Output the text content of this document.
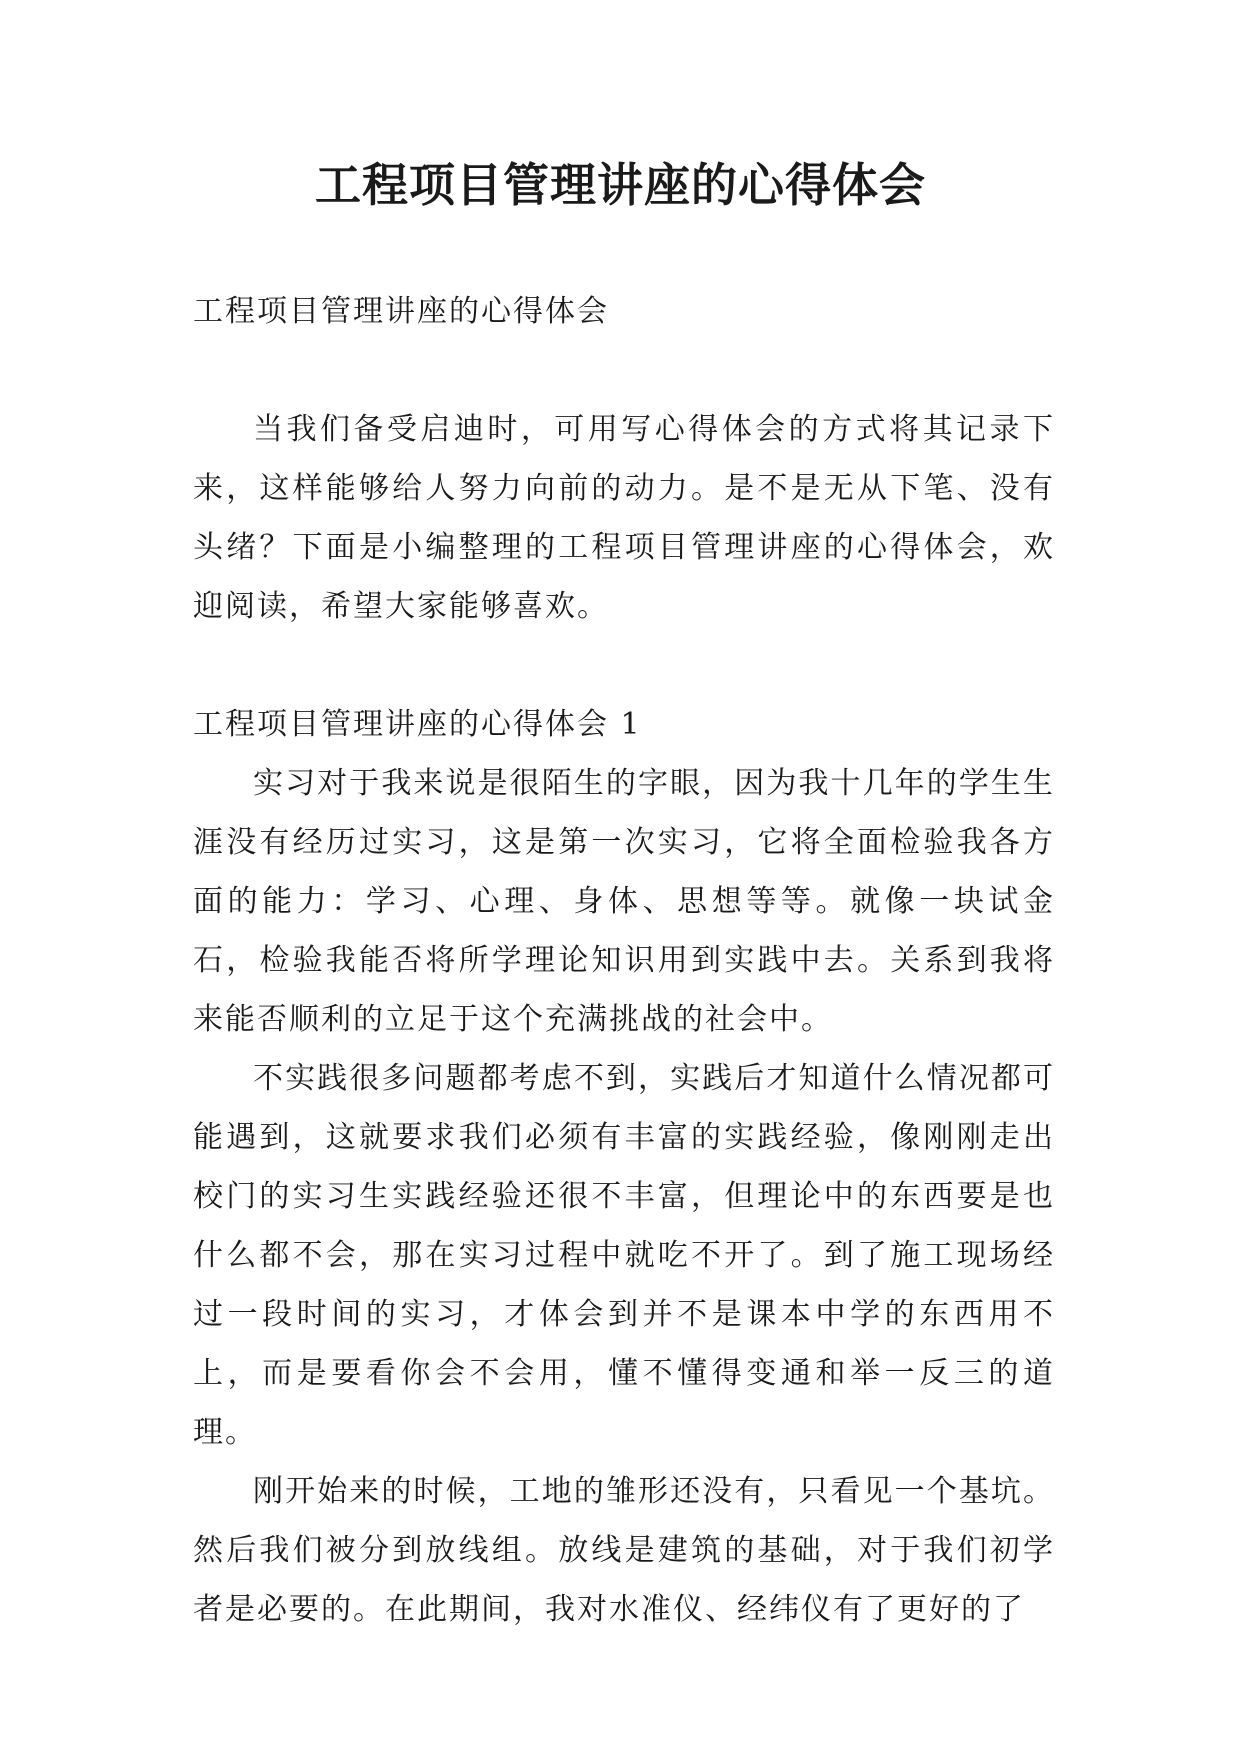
工程项目管理讲座的心得体会

工程项目管理讲座的心得体会

当我们备受启迪时，可用写心得体会的方式将其记录下来，这样能够给人努力向前的动力。是不是无从下笔、没有头绪？下面是小编整理的工程项目管理讲座的心得体会，欢迎阅读，希望大家能够喜欢。

工程项目管理讲座的心得体会 1

实习对于我来说是很陌生的字眼，因为我十几年的学生生涯没有经历过实习，这是第一次实习，它将全面检验我各方面的能力：学习、心理、身体、思想等等。就像一块试金石，检验我能否将所学理论知识用到实践中去。关系到我将来能否顺利的立足于这个充满挑战的社会中。

不实践很多问题都考虑不到，实践后才知道什么情况都可能遇到，这就要求我们必须有丰富的实践经验，像刚刚走出校门的实习生实践经验还很不丰富，但理论中的东西要是也什么都不会，那在实习过程中就吃不开了。到了施工现场经过一段时间的实习，才体会到并不是课本中学的东西用不上，而是要看你会不会用，懂不懂得变通和举一反三的道理。

刚开始来的时候，工地的雏形还没有，只看见一个基坑。然后我们被分到放线组。放线是建筑的基础，对于我们初学者是必要的。在此期间，我对水准仪、经纬仪有了更好的了
